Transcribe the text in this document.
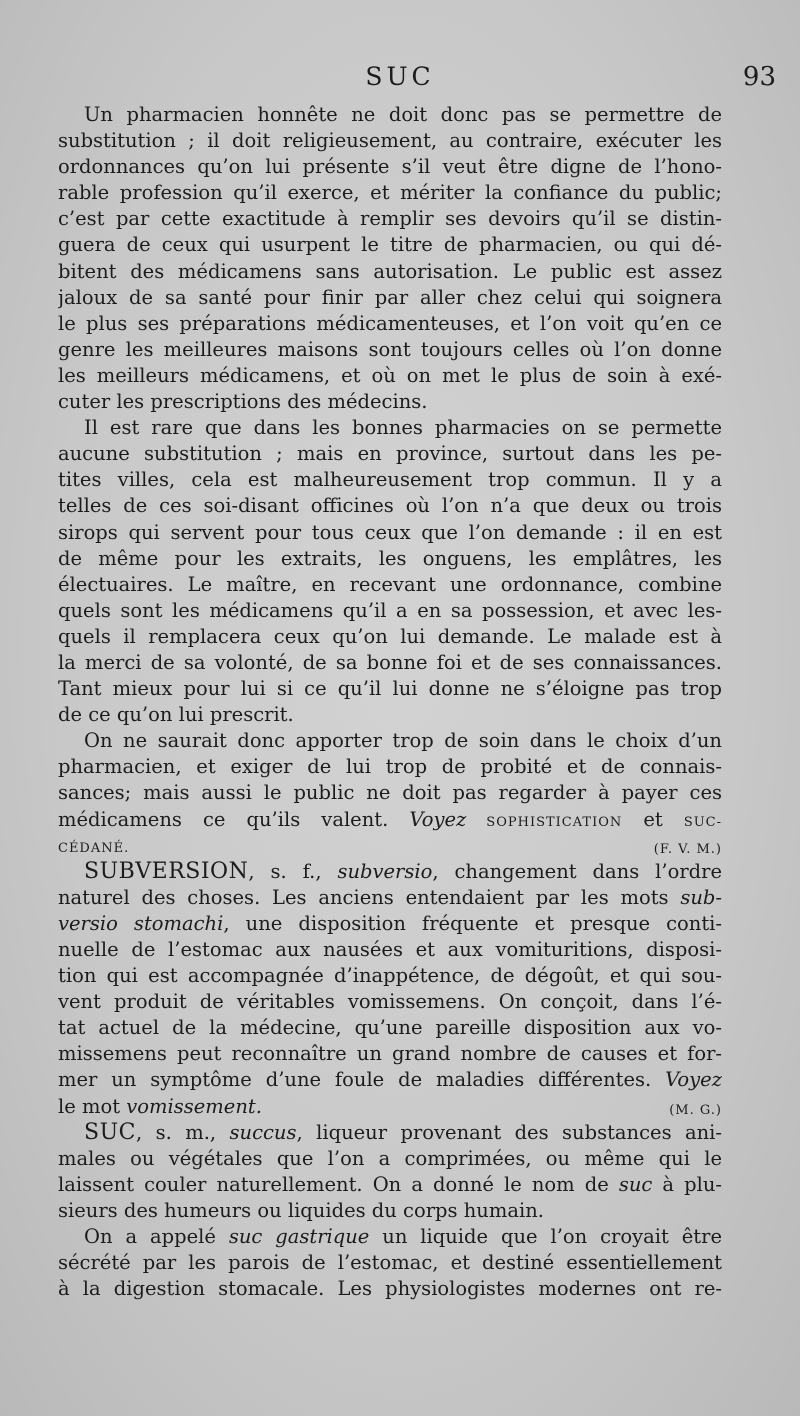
SUC	93
Un pharmacien honnête ne doit donc pas se permettre de
substitution ; il doit religieusement, au contraire, exécuter les
ordonnances qu’on lui présente s’il veut être digne de l’hono-
rable profession qu’il exerce, et mériter la confiance du public;
c’est par cette exactitude à remplir ses devoirs qu’il se distin-
guera de ceux qui usurpent le titre de pharmacien, ou qui dé-
bitent des médicamens sans autorisation. Le public est assez
jaloux de sa santé pour finir par aller chez celui qui soignera
le plus ses préparations médicamenteuses, et l’on voit qu’en ce
genre les meilleures maisons sont toujours celles où l’on donne
les meilleurs médicamens, et où on met le plus de soin à exé-
cuter les prescriptions des médecins.
Il est rare que dans les bonnes pharmacies on se permette
aucune substitution ; mais en province, surtout dans les pe-
tites villes, cela est malheureusement trop commun. Il y a
telles de ces soi-disant officines où l’on n’a que deux ou trois
sirops qui servent pour tous ceux que l’on demande : il en est
de même pour les extraits, les onguens, les emplâtres, les
électuaires. Le maître, en recevant une ordonnance, combine
quels sont les médicamens qu’il a en sa possession, et avec les-
quels il remplacera ceux qu’on lui demande. Le malade est à
la merci de sa volonté, de sa bonne foi et de ses connaissances.
Tant mieux pour lui si ce qu’il lui donne ne s’éloigne pas trop
de ce qu’on lui prescrit.
On ne saurait donc apporter trop de soin dans le choix d’un
pharmacien, et exiger de lui trop de probité et de connais-
sances; mais aussi le public ne doit pas regarder à payer ces
médicamens ce qu’ils valent. Voyez SOPHISTICATION et SUC-
CÉDANÉ.	(F. V. M.)
SUBVERSION, s. f., subversio, changement dans l’ordre
naturel des choses. Les anciens entendaient par les mots sub-
versio stomachi, une disposition fréquente et presque conti-
nuelle de l’estomac aux nausées et aux vomituritions, disposi-
tion qui est accompagnée d’inappétence, de dégoût, et qui sou-
vent produit de véritables vomissemens. On conçoit, dans l’é-
tat actuel de la médecine, qu’une pareille disposition aux vo-
missemens peut reconnaître un grand nombre de causes et for-
mer un symptôme d’une foule de maladies différentes. Voyez
le mot vomissement.	(M. G.)
SUC, s. m., succus, liqueur provenant des substances ani-
males ou végétales que l’on a comprimées, ou même qui le
laissent couler naturellement. On a donné le nom de suc à plu-
sieurs des humeurs ou liquides du corps humain.
On a appelé suc gastrique un liquide que l’on croyait être
sécrété par les parois de l’estomac, et destiné essentiellement
à la digestion stomacale. Les physiologistes modernes ont re-
